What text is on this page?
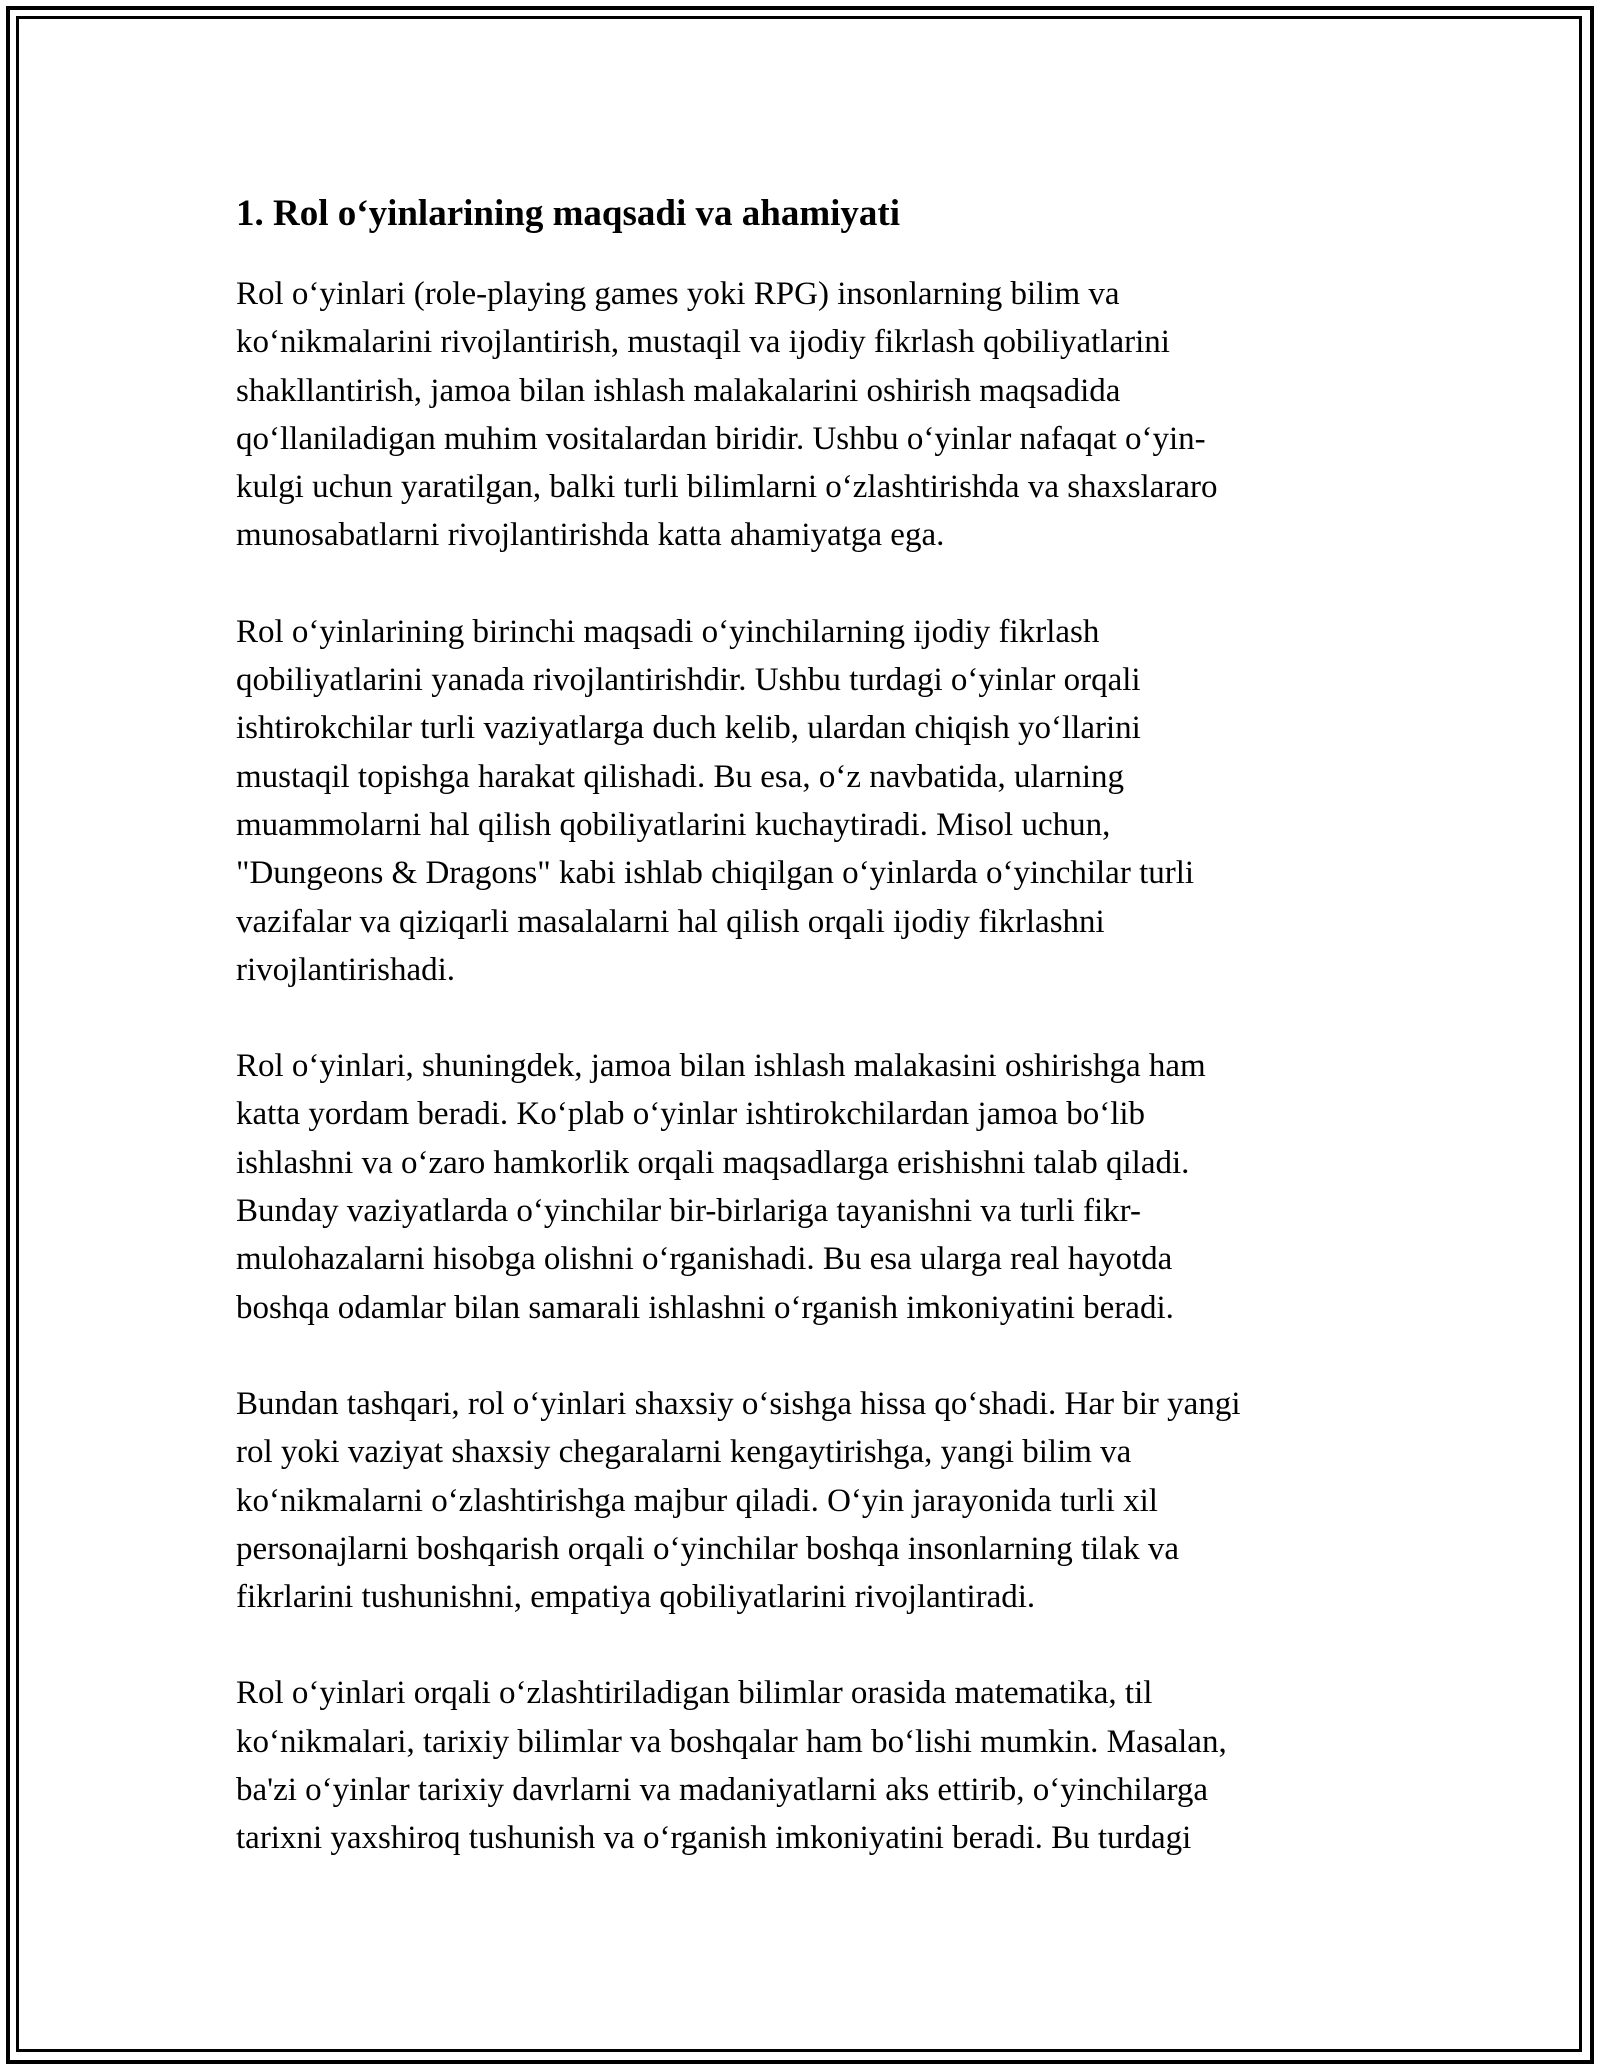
1. Rol oʻyinlarining maqsadi va ahamiyati

Rol oʻyinlari (role-playing games yoki RPG) insonlarning bilim va
koʻnikmalarini rivojlantirish, mustaqil va ijodiy fikrlash qobiliyatlarini
shakllantirish, jamoa bilan ishlash malakalarini oshirish maqsadida
qoʻllaniladigan muhim vositalardan biridir. Ushbu oʻyinlar nafaqat oʻyin-
kulgi uchun yaratilgan, balki turli bilimlarni oʻzlashtirishda va shaxslararo
munosabatlarni rivojlantirishda katta ahamiyatga ega.

Rol oʻyinlarining birinchi maqsadi oʻyinchilarning ijodiy fikrlash
qobiliyatlarini yanada rivojlantirishdir. Ushbu turdagi oʻyinlar orqali
ishtirokchilar turli vaziyatlarga duch kelib, ulardan chiqish yoʻllarini
mustaqil topishga harakat qilishadi. Bu esa, oʻz navbatida, ularning
muammolarni hal qilish qobiliyatlarini kuchaytiradi. Misol uchun,
"Dungeons & Dragons" kabi ishlab chiqilgan oʻyinlarda oʻyinchilar turli
vazifalar va qiziqarli masalalarni hal qilish orqali ijodiy fikrlashni
rivojlantirishadi.

Rol oʻyinlari, shuningdek, jamoa bilan ishlash malakasini oshirishga ham
katta yordam beradi. Koʻplab oʻyinlar ishtirokchilardan jamoa boʻlib
ishlashni va oʻzaro hamkorlik orqali maqsadlarga erishishni talab qiladi.
Bunday vaziyatlarda oʻyinchilar bir-birlariga tayanishni va turli fikr-
mulohazalarni hisobga olishni oʻrganishadi. Bu esa ularga real hayotda
boshqa odamlar bilan samarali ishlashni oʻrganish imkoniyatini beradi.

Bundan tashqari, rol oʻyinlari shaxsiy oʻsishga hissa qoʻshadi. Har bir yangi
rol yoki vaziyat shaxsiy chegaralarni kengaytirishga, yangi bilim va
koʻnikmalarni oʻzlashtirishga majbur qiladi. Oʻyin jarayonida turli xil
personajlarni boshqarish orqali oʻyinchilar boshqa insonlarning tilak va
fikrlarini tushunishni, empatiya qobiliyatlarini rivojlantiradi.

Rol oʻyinlari orqali oʻzlashtiriladigan bilimlar orasida matematika, til
koʻnikmalari, tarixiy bilimlar va boshqalar ham boʻlishi mumkin. Masalan,
ba'zi oʻyinlar tarixiy davrlarni va madaniyatlarni aks ettirib, oʻyinchilarga
tarixni yaxshiroq tushunish va oʻrganish imkoniyatini beradi. Bu turdagi
